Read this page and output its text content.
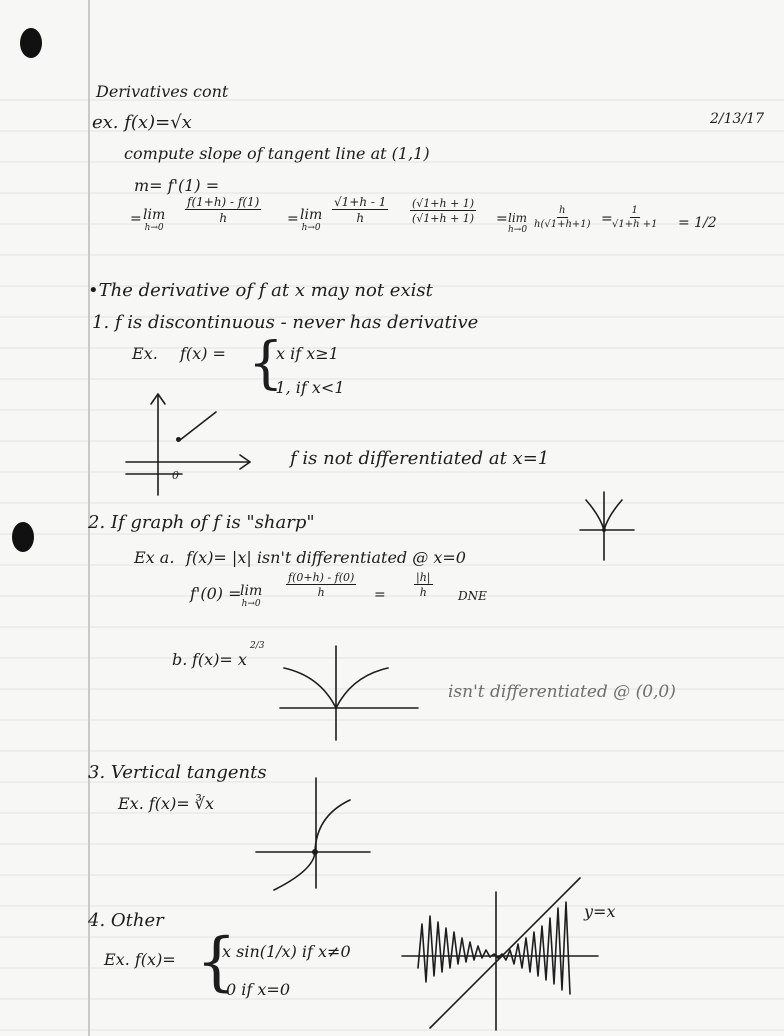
Derivatives cont
2/13/17
ex. f(x)=√x
compute slope of tangent line at (1,1)
m= f'(1) =
= lim
h→0
$\frac{f(1+h) - f(1)}{h} = \lim$
h→0
$\frac{√1+h - 1}{h} \frac{(√1+h + 1)}{(√1+h + 1)} = \lim$
$h\to 0 \frac{h}{h(√1+h+1)} = \frac{1}{√1+h +1} = 1/2$
•The derivative of f at x may not exist
1. f is discontinuous - never has derivative
Ex. f(x) = {
x if x≥1
-1, if x<1
0
f is not differentiated at x=1
2. If graph of f is "sharp"
Ex a. f(x)= |x| isn't differentiated @ x=0
f'(0) =
lim
h→0
$\frac{f(0+h) - f(0)}{h}$ =	$\frac{|h|}{h}$ DNE
b. f(x)= x
2/3
isn't differentiated @ (0,0)
3. Vertical tangents
Ex. f(x)= ∛x
4. Other
Ex. f(x)= {
x sin(1/x) if x≠0
0 if x=0
y=x
